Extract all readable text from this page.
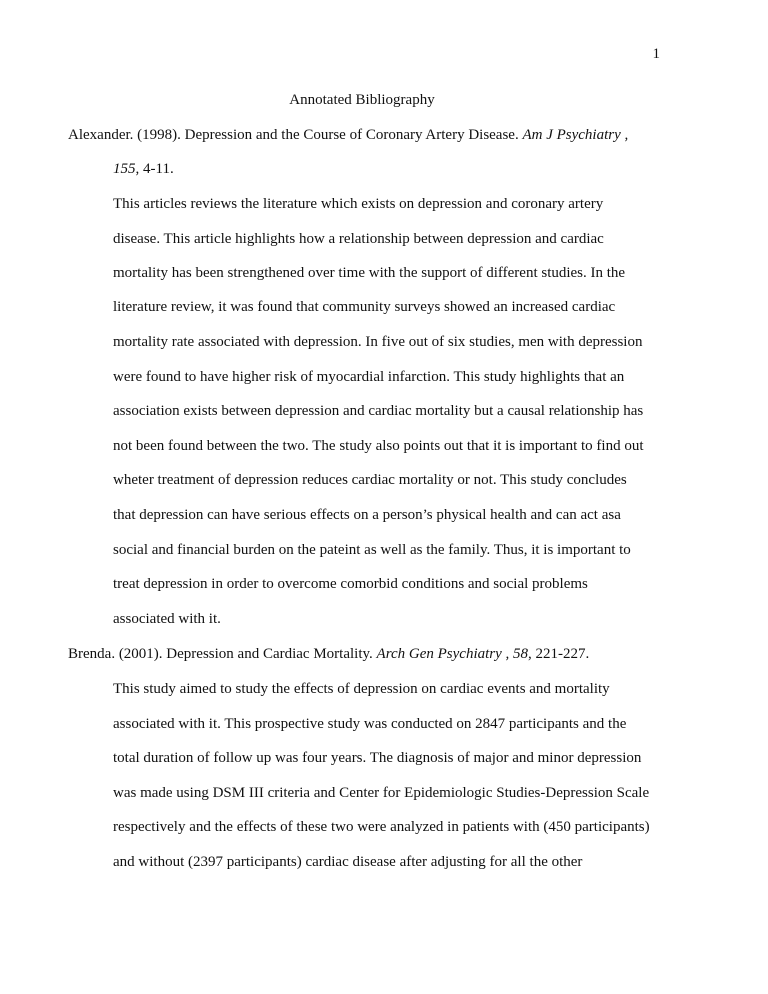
1
Annotated Bibliography
Alexander. (1998). Depression and the Course of Coronary Artery Disease. Am J Psychiatry ,
155, 4-11.
This articles reviews the literature which exists on depression and coronary artery
disease. This article highlights how a relationship between depression and cardiac
mortality has been strengthened over time with the support of different studies. In the
literature review, it was found that community surveys showed an increased cardiac
mortality rate associated with depression. In five out of six studies, men with depression
were found to have higher risk of myocardial infarction. This study highlights that an
association exists between depression and cardiac mortality but a causal relationship has
not been found between the two. The study also points out that it is important to find out
wheter treatment of depression reduces cardiac mortality or not. This study concludes
that depression can have serious effects on a person’s physical health and can act asa
social and financial burden on the pateint as well as the family. Thus, it is important to
treat depression in order to overcome comorbid conditions and social problems
associated with it.
Brenda. (2001). Depression and Cardiac Mortality. Arch Gen Psychiatry , 58, 221-227.
This study aimed to study the effects of depression on cardiac events and mortality
associated with it. This prospective study was conducted on 2847 participants and the
total duration of follow up was four years. The diagnosis of major and minor depression
was made using DSM III criteria and Center for Epidemiologic Studies-Depression Scale
respectively and the effects of these two were analyzed in patients with (450 participants)
and without (2397 participants) cardiac disease after adjusting for all the other
